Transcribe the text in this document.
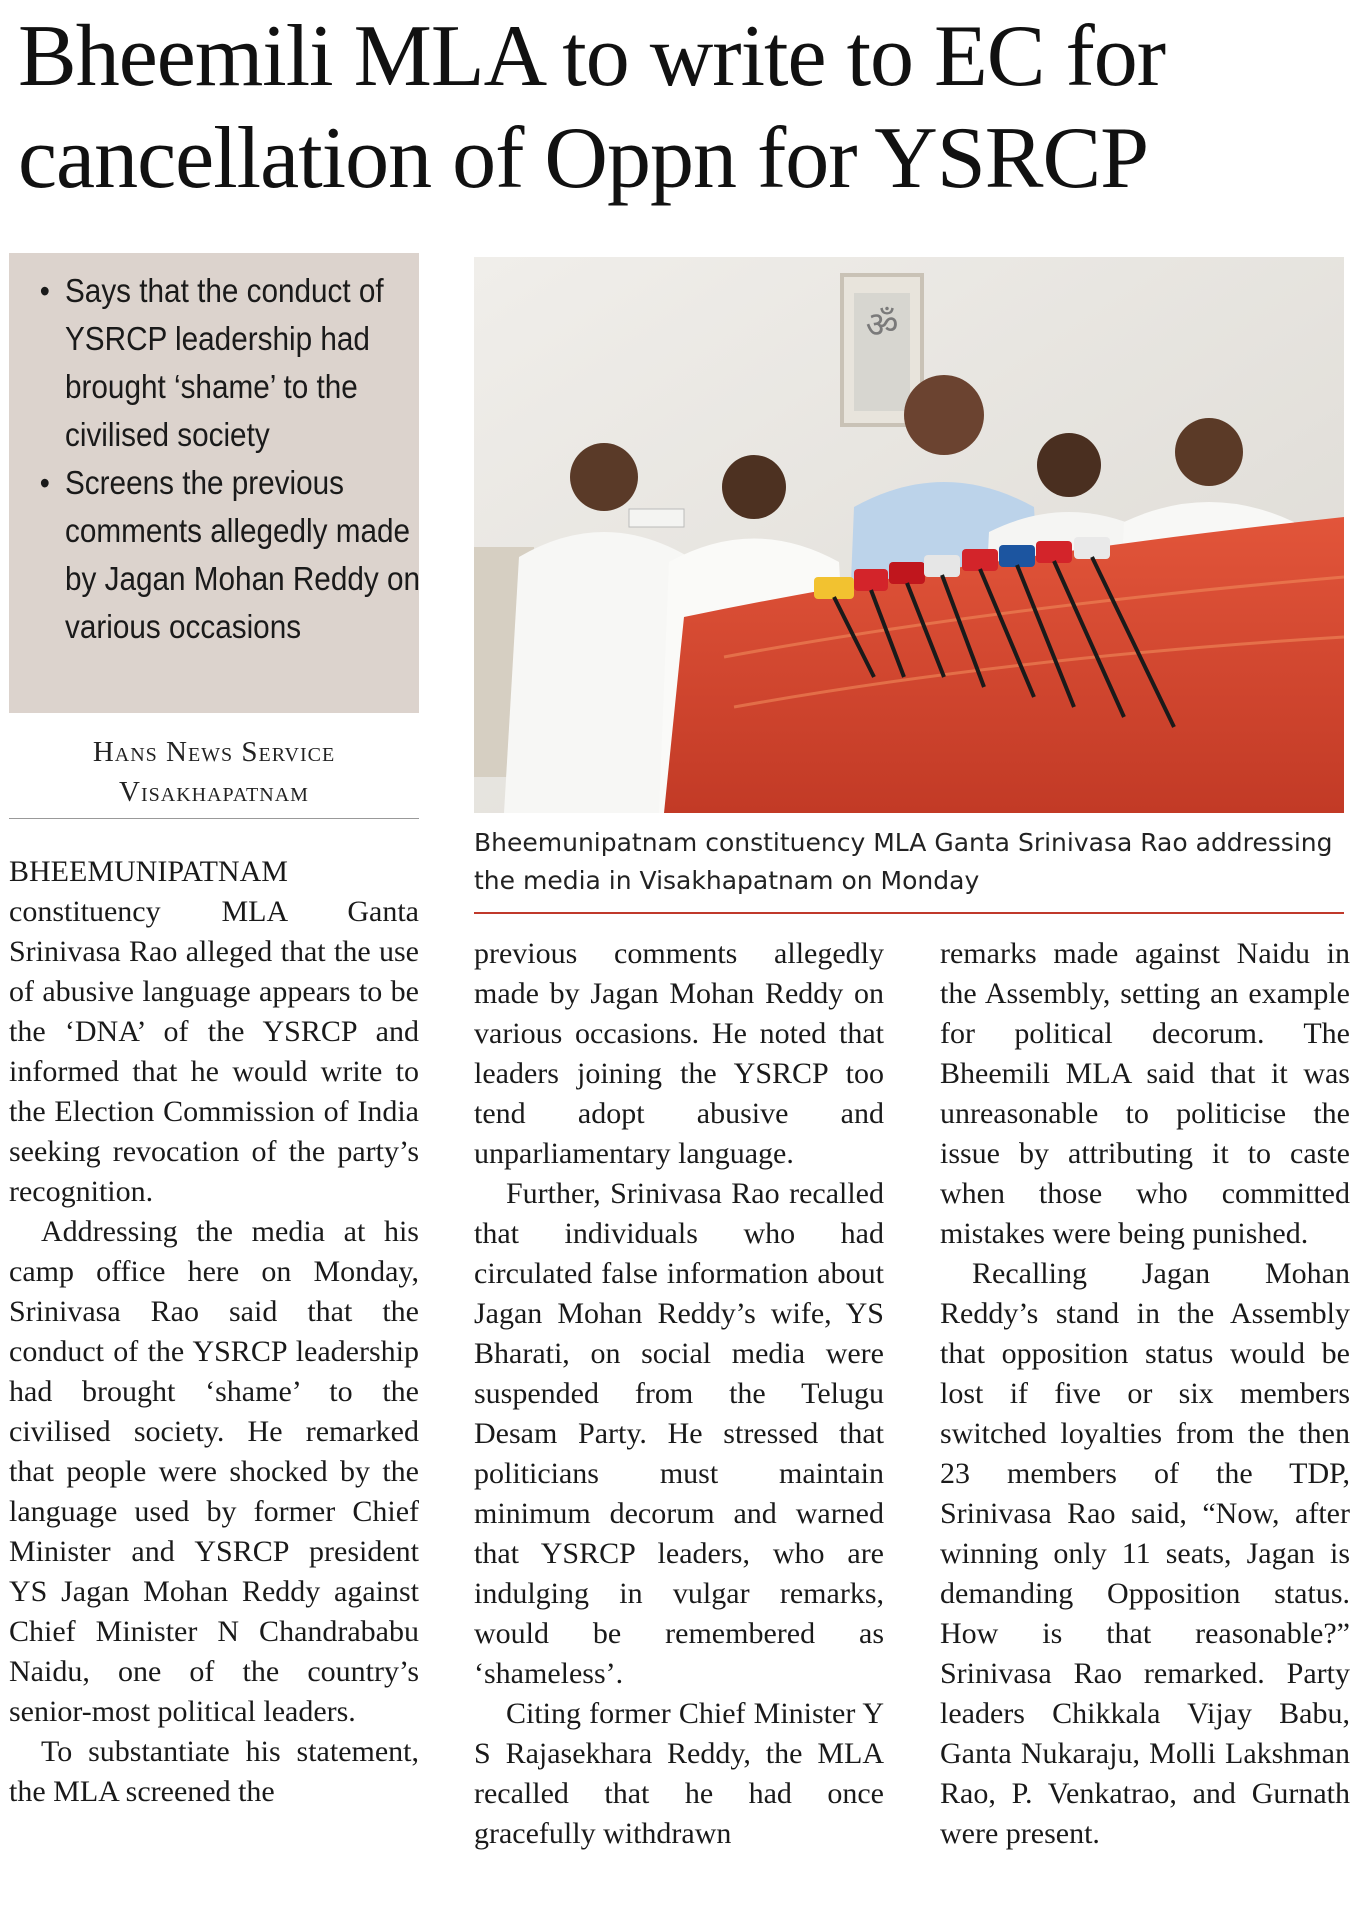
Bheemili MLA to write to EC for
cancellation of Oppn for YSRCP
• Says that the conduct of YSRCP leadership had brought ‘shame’ to the civilised society
• Screens the previous comments allegedly made by Jagan Mohan Reddy on various occasions
Hans News Service
Visakhapatnam
ॐ
Bheemunipatnam constituency MLA Ganta Srinivasa Rao addressing the media in Visakhapatnam on Monday

BHEEMUNIPATNAM constituency MLA Ganta Srinivasa Rao alleged that the use of abusive language appears to be the ‘DNA’ of the YSRCP and informed that he would write to the Election Commission of India seeking revocation of the party’s recognition.

Addressing the media at his camp office here on Monday, Srinivasa Rao said that the conduct of the YSRCP leadership had brought ‘shame’ to the civilised society. He remarked that people were shocked by the language used by former Chief Minister and YSRCP president YS Jagan Mohan Reddy against Chief Minister N Chandrababu Naidu, one of the country’s senior-most political leaders.

To substantiate his statement, the MLA screened the

previous comments allegedly made by Jagan Mohan Reddy on various occasions. He noted that leaders joining the YSRCP too tend adopt abusive and unparliamentary language.

Further, Srinivasa Rao recalled that individuals who had circulated false information about Jagan Mohan Reddy’s wife, YS Bharati, on social media were suspended from the Telugu Desam Party. He stressed that politicians must maintain minimum decorum and warned that YSRCP leaders, who are indulging in vulgar remarks, would be remembered as ‘shameless’.

Citing former Chief Minister Y S Rajasekhara Reddy, the MLA recalled that he had once gracefully withdrawn

remarks made against Naidu in the Assembly, setting an example for political decorum. The Bheemili MLA said that it was unreasonable to politicise the issue by attributing it to caste when those who committed mistakes were being punished.

Recalling Jagan Mohan Reddy’s stand in the Assembly that opposition status would be lost if five or six members switched loyalties from the then 23 members of the TDP, Srinivasa Rao said, “Now, after winning only 11 seats, Jagan is demanding Opposition status. How is that reasonable?” Srinivasa Rao remarked. Party leaders Chikkala Vijay Babu, Ganta Nukaraju, Molli Lakshman Rao, P. Venkatrao, and Gurnath were present.
